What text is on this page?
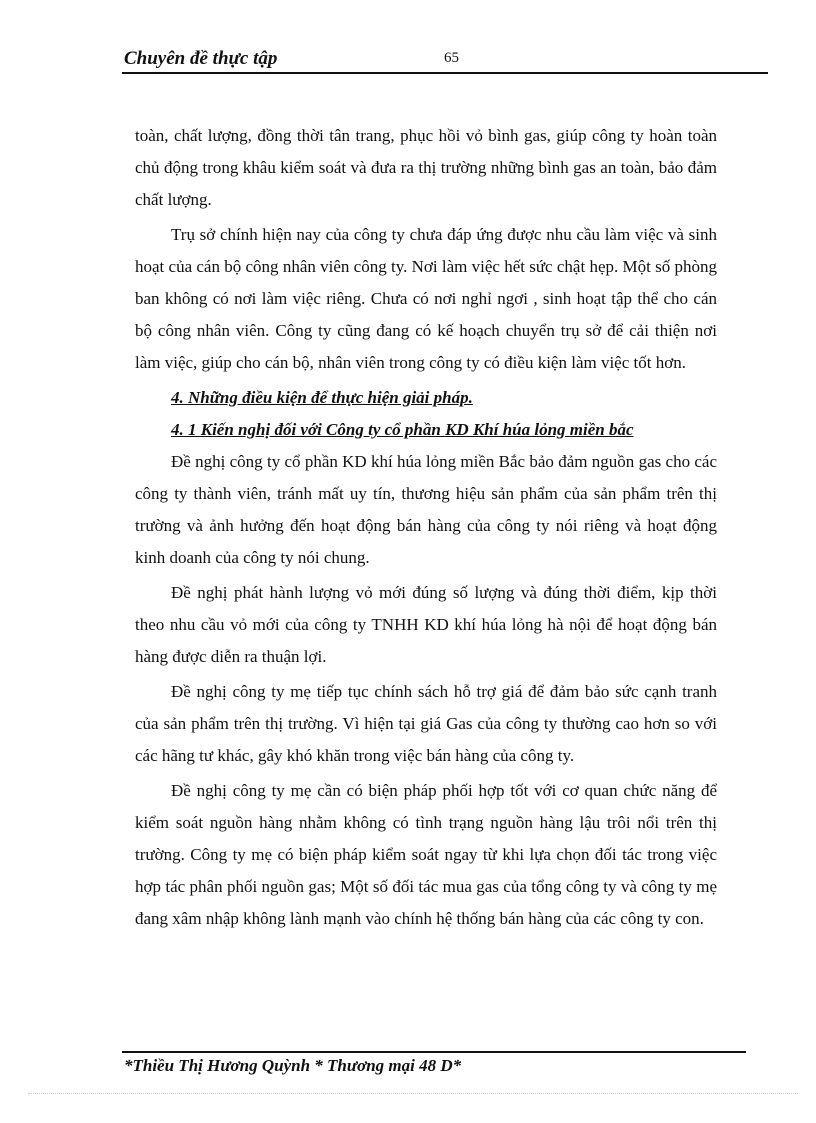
Chuyên đề thực tập	65

toàn, chất lượng, đồng thời tân trang, phục hồi vỏ bình gas, giúp công ty hoàn toàn chủ động trong khâu kiểm soát và đưa ra thị trường những bình gas an toàn, bảo đảm chất lượng.

Trụ sở chính hiện nay của công ty chưa đáp ứng được nhu cầu làm việc và sinh hoạt của cán bộ công nhân viên công ty. Nơi làm việc hết sức chật hẹp. Một số phòng ban không có nơi làm việc riêng. Chưa có nơi nghỉ ngơi , sinh hoạt tập thể cho cán bộ công nhân viên. Công ty cũng đang có kế hoạch chuyển trụ sở để cải thiện nơi làm việc, giúp cho cán bộ, nhân viên trong công ty có điều kiện làm việc tốt hơn.

4. Những điều kiện để thực hiện giải pháp.

4. 1 Kiến nghị đối với Công ty cổ phần KD Khí húa lỏng miền bắc

Đề nghị công ty cổ phần KD khí húa lỏng miền Bắc bảo đảm nguồn gas cho các công ty thành viên, tránh mất uy tín, thương hiệu sản phẩm của sản phẩm trên thị trường và ảnh hưởng đến hoạt động bán hàng của công ty nói riêng và hoạt động kinh doanh của công ty nói chung.

Đề nghị phát hành lượng vỏ mới đúng số lượng và đúng thời điểm, kịp thời theo nhu cầu vỏ mới của công ty TNHH KD khí húa lỏng hà nội để hoạt động bán hàng được diễn ra thuận lợi.

Đề nghị công ty mẹ tiếp tục chính sách hỗ trợ giá để đảm bảo sức cạnh tranh của sản phẩm trên thị trường. Vì hiện tại giá Gas của công ty thường cao hơn so với các hãng tư khác, gây khó khăn trong việc bán hàng của công ty.

Đề nghị công ty mẹ cần có biện pháp phối hợp tốt với cơ quan chức năng để kiểm soát nguồn hàng nhằm không có tình trạng nguồn hàng lậu trôi nổi trên thị trường. Công ty mẹ có biện pháp kiểm soát ngay từ khi lựa chọn đối tác trong việc hợp tác phân phối nguồn gas; Một số đối tác mua gas của tổng công ty và công ty mẹ đang xâm nhập không lành mạnh vào chính hệ thống bán hàng của các công ty con.

*Thiều Thị Hương Quỳnh * Thương mại 48 D*
